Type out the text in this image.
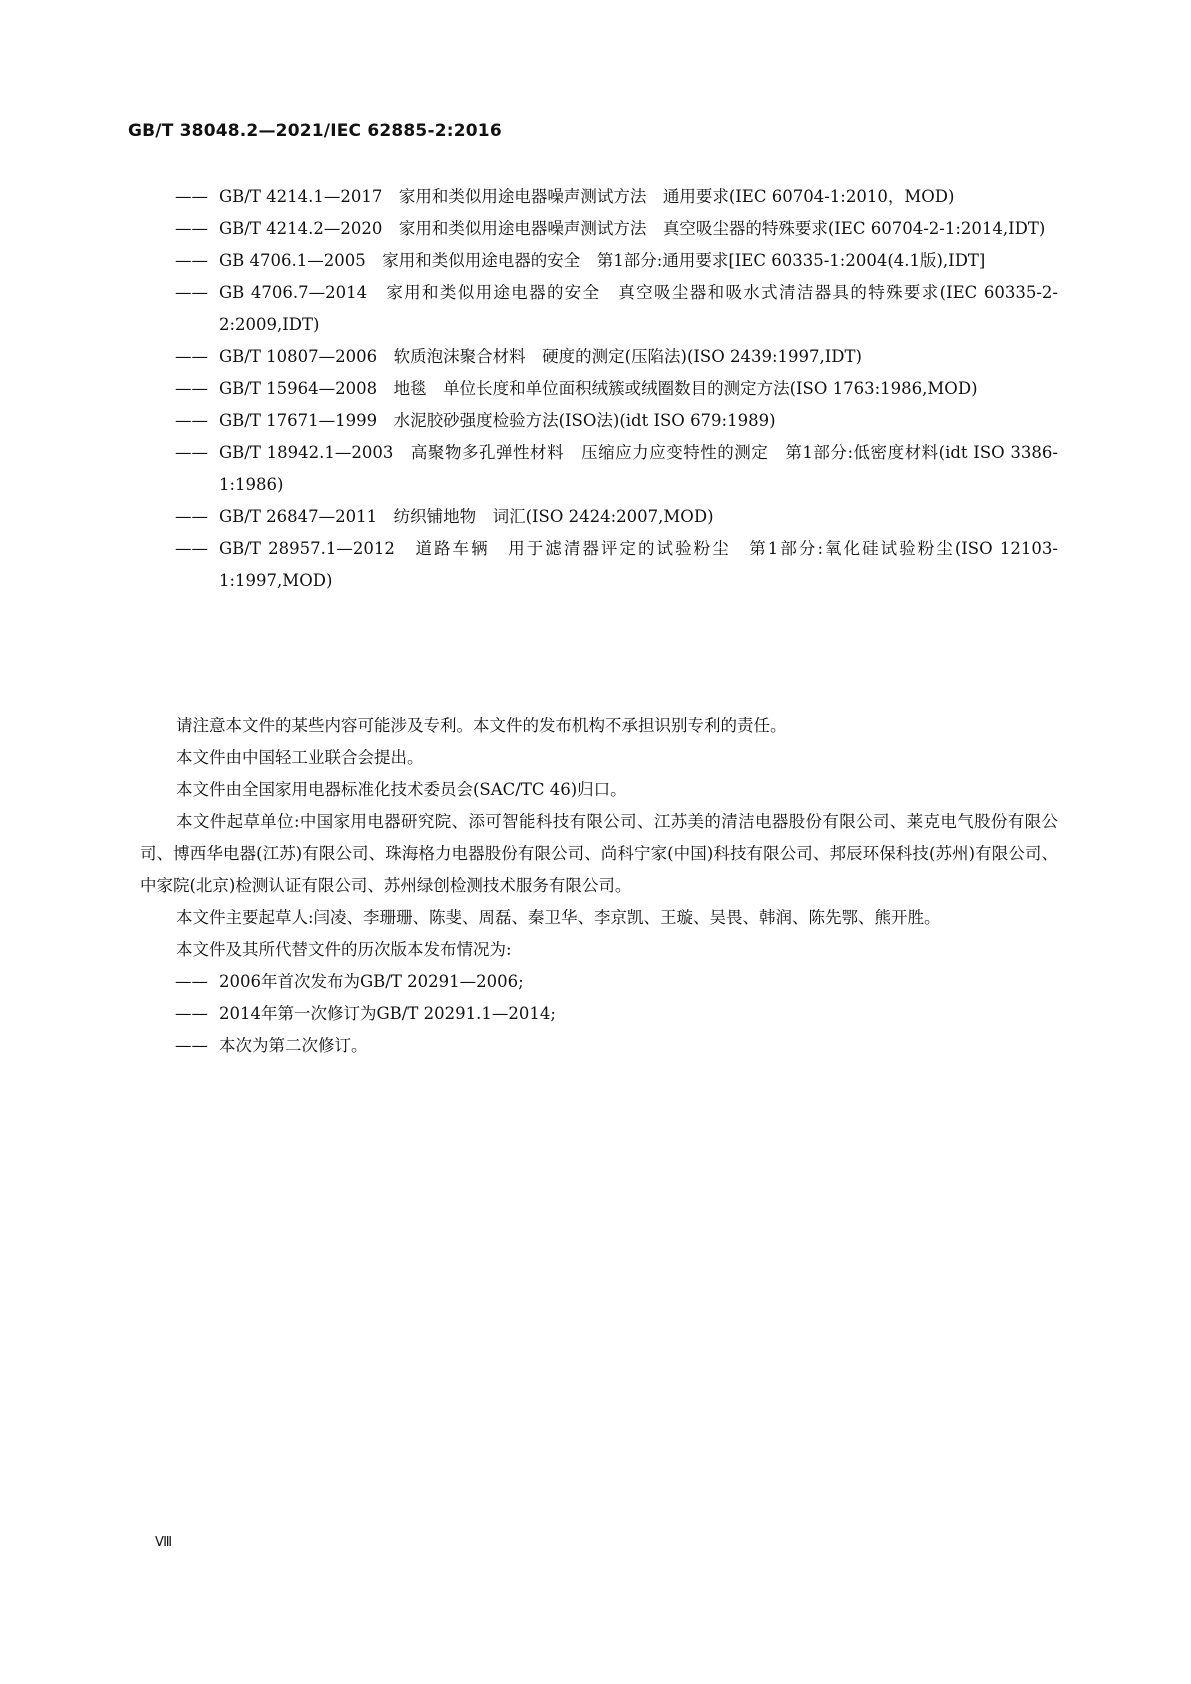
GB/T 38048.2—2021/IEC 62885-2:2016
—— GB/T 4214.1—2017　家用和类似用途电器噪声测试方法　通用要求(IEC 60704-1:2010，MOD)
—— GB/T 4214.2—2020　家用和类似用途电器噪声测试方法　真空吸尘器的特殊要求(IEC 60704-2-1:2014,IDT)
—— GB 4706.1—2005　家用和类似用途电器的安全　第1部分:通用要求[IEC 60335-1:2004(4.1版),IDT]
—— GB 4706.7—2014　家用和类似用途电器的安全　真空吸尘器和吸水式清洁器具的特殊要求(IEC 60335-2-2:2009,IDT)
—— GB/T 10807—2006　软质泡沫聚合材料　硬度的测定(压陷法)(ISO 2439:1997,IDT)
—— GB/T 15964—2008　地毯　单位长度和单位面积绒簇或绒圈数目的测定方法(ISO 1763:1986,MOD)
—— GB/T 17671—1999　水泥胶砂强度检验方法(ISO法)(idt ISO 679:1989)
—— GB/T 18942.1—2003　高聚物多孔弹性材料　压缩应力应变特性的测定　第1部分:低密度材料(idt ISO 3386-1:1986)
—— GB/T 26847—2011　纺织铺地物　词汇(ISO 2424:2007,MOD)
—— GB/T 28957.1—2012　道路车辆　用于滤清器评定的试验粉尘　第1部分:氧化硅试验粉尘(ISO 12103-1:1997,MOD)
请注意本文件的某些内容可能涉及专利。本文件的发布机构不承担识别专利的责任。
本文件由中国轻工业联合会提出。
本文件由全国家用电器标准化技术委员会(SAC/TC 46)归口。
本文件起草单位:中国家用电器研究院、添可智能科技有限公司、江苏美的清洁电器股份有限公司、莱克电气股份有限公司、博西华电器(江苏)有限公司、珠海格力电器股份有限公司、尚科宁家(中国)科技有限公司、邦辰环保科技(苏州)有限公司、中家院(北京)检测认证有限公司、苏州绿创检测技术服务有限公司。
本文件主要起草人:闫凌、李珊珊、陈斐、周磊、秦卫华、李京凯、王璇、吴畏、韩润、陈先鄂、熊开胜。
本文件及其所代替文件的历次版本发布情况为:
—— 2006年首次发布为GB/T 20291—2006;
—— 2014年第一次修订为GB/T 20291.1—2014;
—— 本次为第二次修订。
Ⅷ
